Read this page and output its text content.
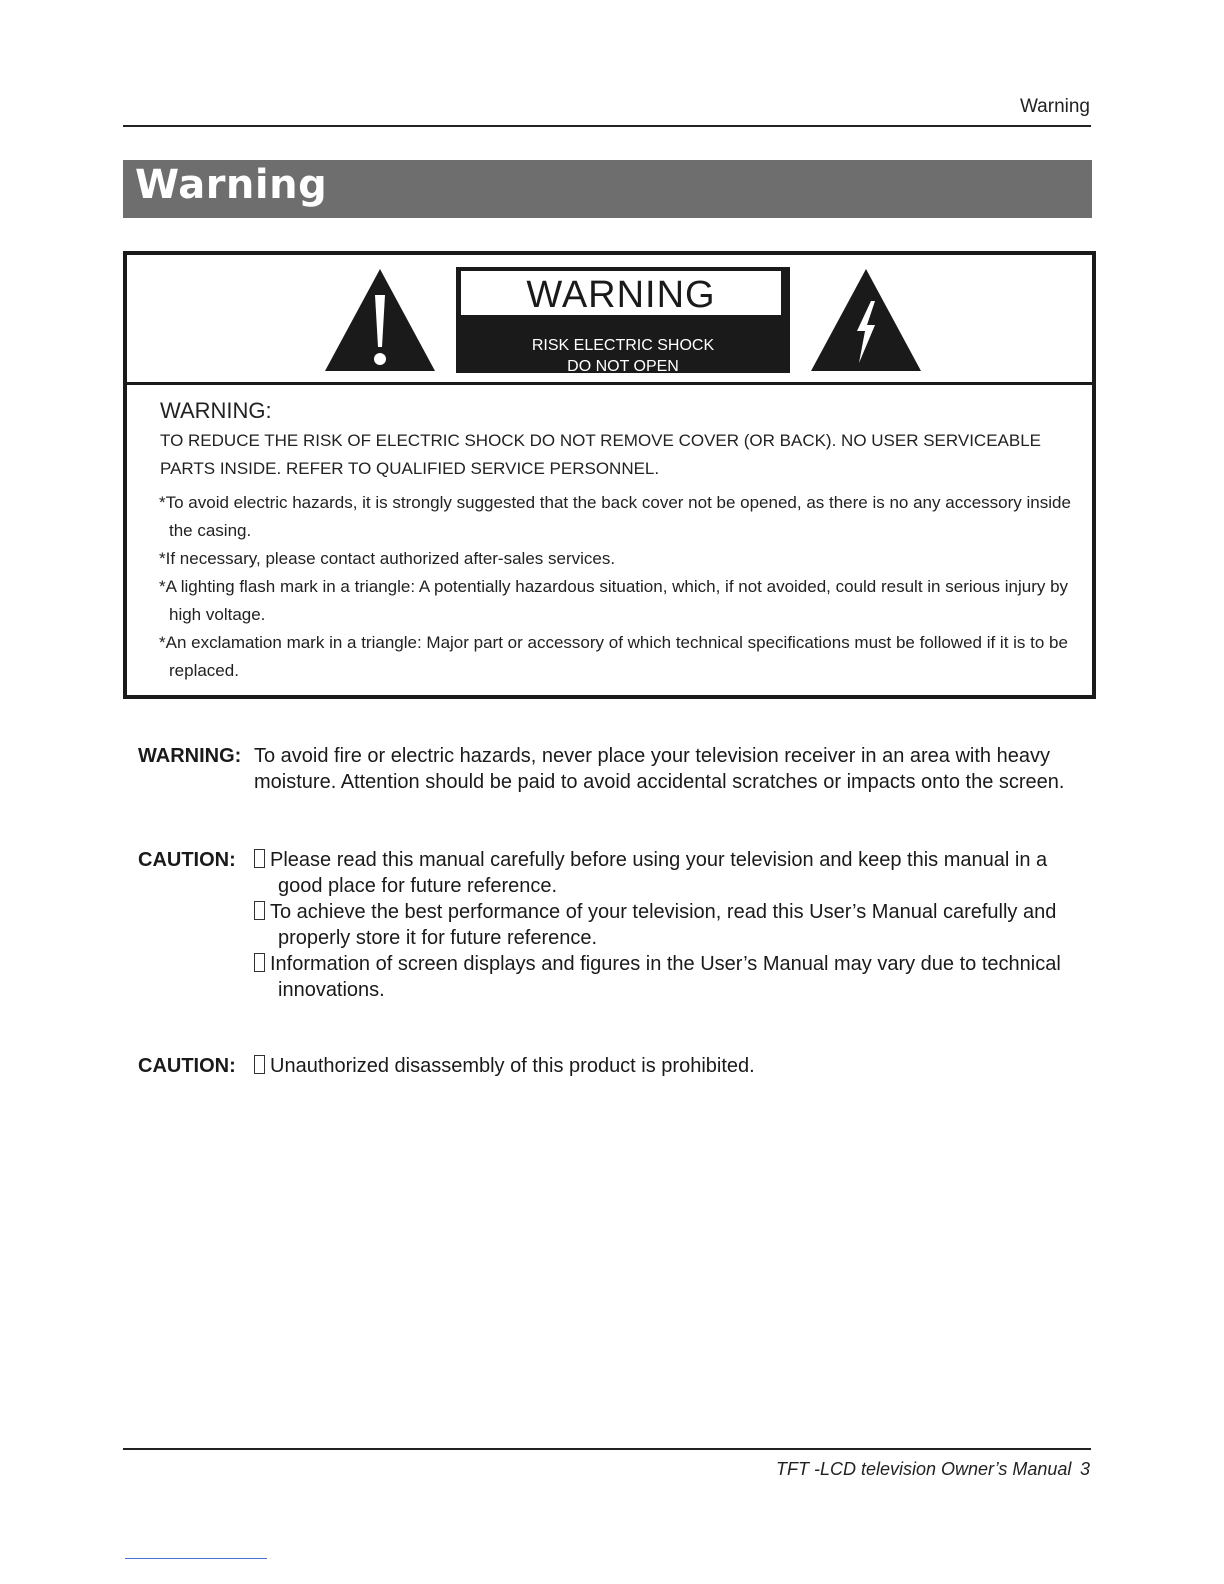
Warning
Warning
WARNING
RISK ELECTRIC SHOCK
DO NOT OPEN
WARNING:
TO REDUCE THE RISK OF ELECTRIC SHOCK DO NOT REMOVE COVER (OR BACK). NO USER SERVICEABLE PARTS INSIDE. REFER TO QUALIFIED SERVICE PERSONNEL.
*To avoid electric hazards, it is strongly suggested that the back cover not be opened, as there is no any accessory inside the casing.
*If necessary, please contact authorized after-sales services.
*A lighting flash mark in a triangle: A potentially hazardous situation, which, if not avoided, could result in serious injury by high voltage.
*An exclamation mark in a triangle: Major part or accessory of which technical specifications must be followed if it is to be replaced.
WARNING: To avoid fire or electric hazards, never place your television receiver in an area with heavy moisture. Attention should be paid to avoid accidental scratches or impacts onto the screen.
CAUTION:	Please read this manual carefully before using your television and keep this manual in a good place for future reference.
To achieve the best performance of your television, read this User’s Manual carefully and properly store it for future reference.
Information of screen displays and figures in the User’s Manual may vary due to technical innovations.
CAUTION:	Unauthorized disassembly of this product is prohibited.
TFT -LCD television Owner’s Manual 3
